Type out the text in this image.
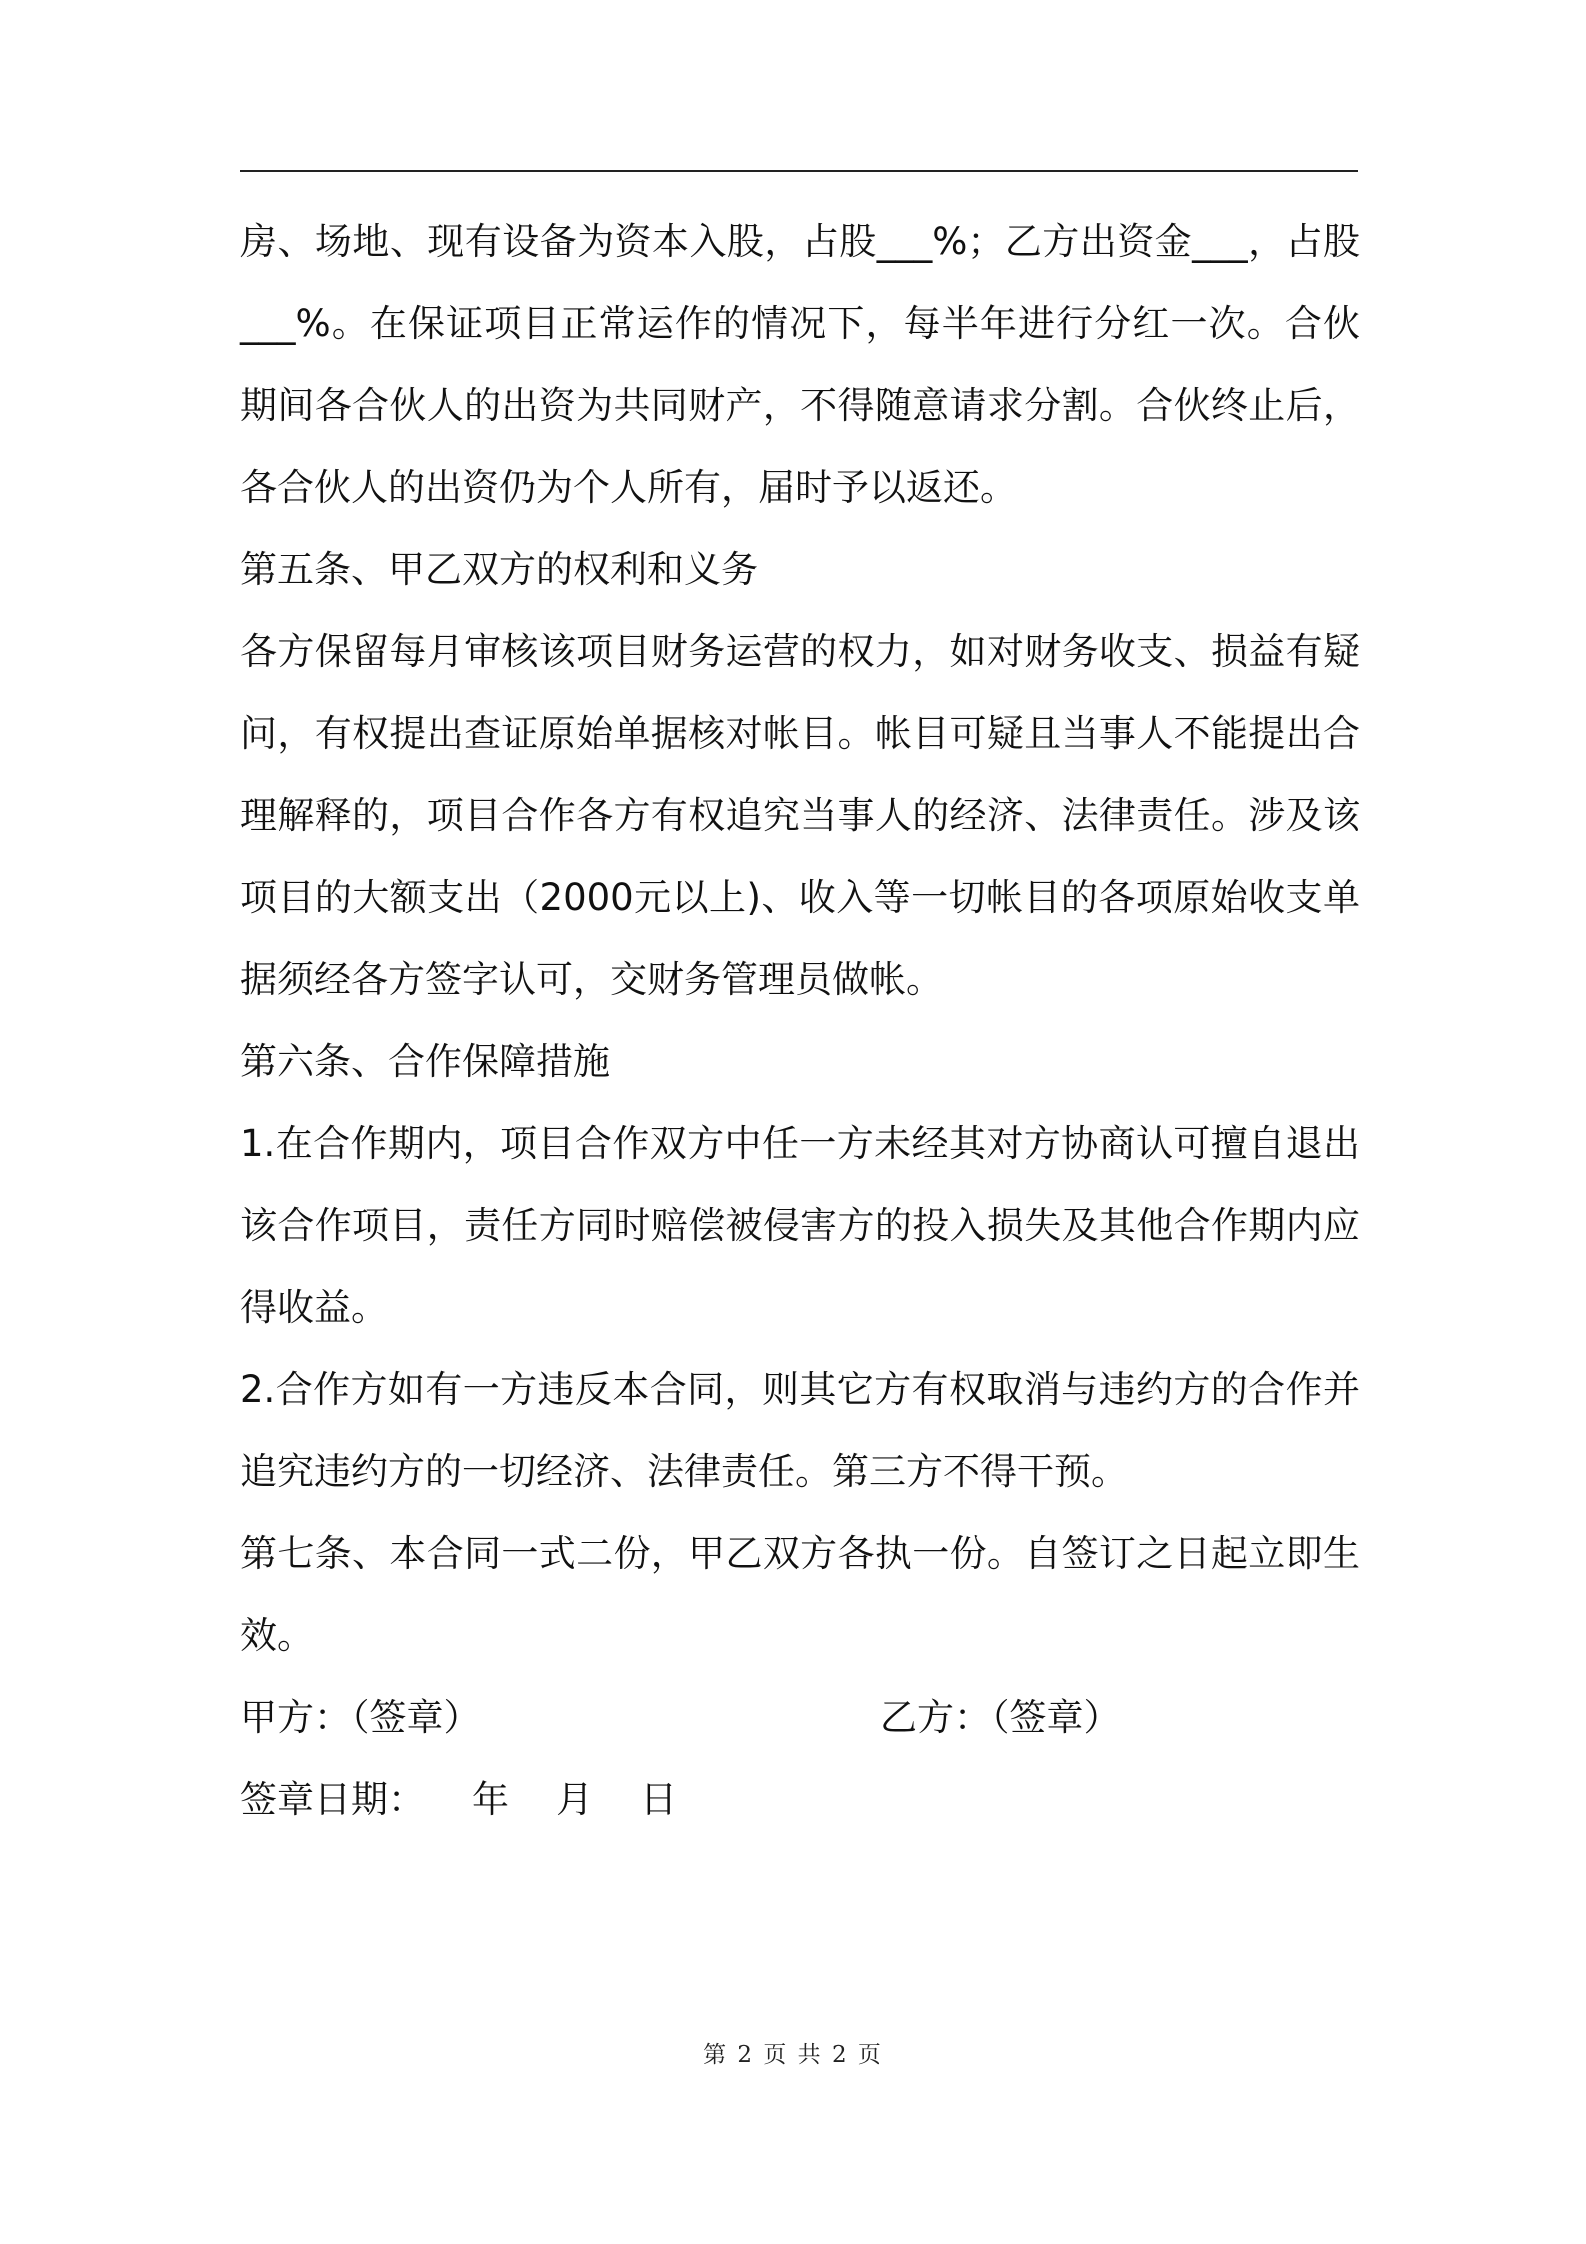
房、场地、现有设备为资本入股，占股___%；乙方出资金___，占股___%。在保证项目正常运作的情况下，每半年进行分红一次。合伙期间各合伙人的出资为共同财产，不得随意请求分割。合伙终止后，各合伙人的出资仍为个人所有，届时予以返还。

第五条、甲乙双方的权利和义务

各方保留每月审核该项目财务运营的权力，如对财务收支、损益有疑问，有权提出查证原始单据核对帐目。帐目可疑且当事人不能提出合理解释的，项目合作各方有权追究当事人的经济、法律责任。涉及该项目的大额支出（2000元以上)、收入等一切帐目的各项原始收支单据须经各方签字认可，交财务管理员做帐。

第六条、合作保障措施

1.在合作期内，项目合作双方中任一方未经其对方协商认可擅自退出该合作项目，责任方同时赔偿被侵害方的投入损失及其他合作期内应得收益。

2.合作方如有一方违反本合同，则其它方有权取消与违约方的合作并追究违约方的一切经济、法律责任。第三方不得干预。

第七条、本合同一式二份，甲乙双方各执一份。自签订之日起立即生效。

甲方：（签章）	乙方：（签章）
签章日期：    年    月    日
第 2 页 共 2 页
